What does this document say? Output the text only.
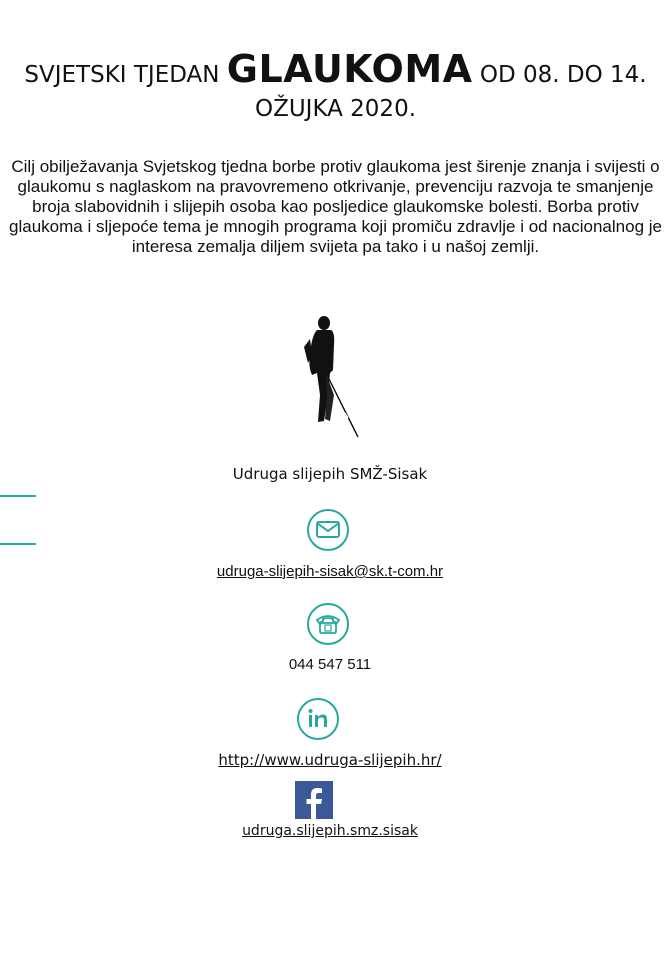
SVJETSKI TJEDAN GLAUKOMA OD 08. DO 14.
OŽUJKA 2020.
Cilj obilježavanja Svjetskog tjedna borbe protiv glaukoma jest širenje znanja i svijesti o glaukomu s naglaskom na pravovremeno otkrivanje, prevenciju razvoja te smanjenje broja slabovidnih i slijepih osoba kao posljedice glaukomske bolesti. Borba protiv glaukoma i sljepoće tema je mnogih programa koji promiču zdravlje i od nacionalnog je interesa zemalja diljem svijeta pa tako i u našoj zemlji.
Udruga slijepih SMŽ-Sisak
udruga-slijepih-sisak@sk.t-com.hr
044 547 511
http://www.udruga-slijepih.hr/
udruga.slijepih.smz.sisak
